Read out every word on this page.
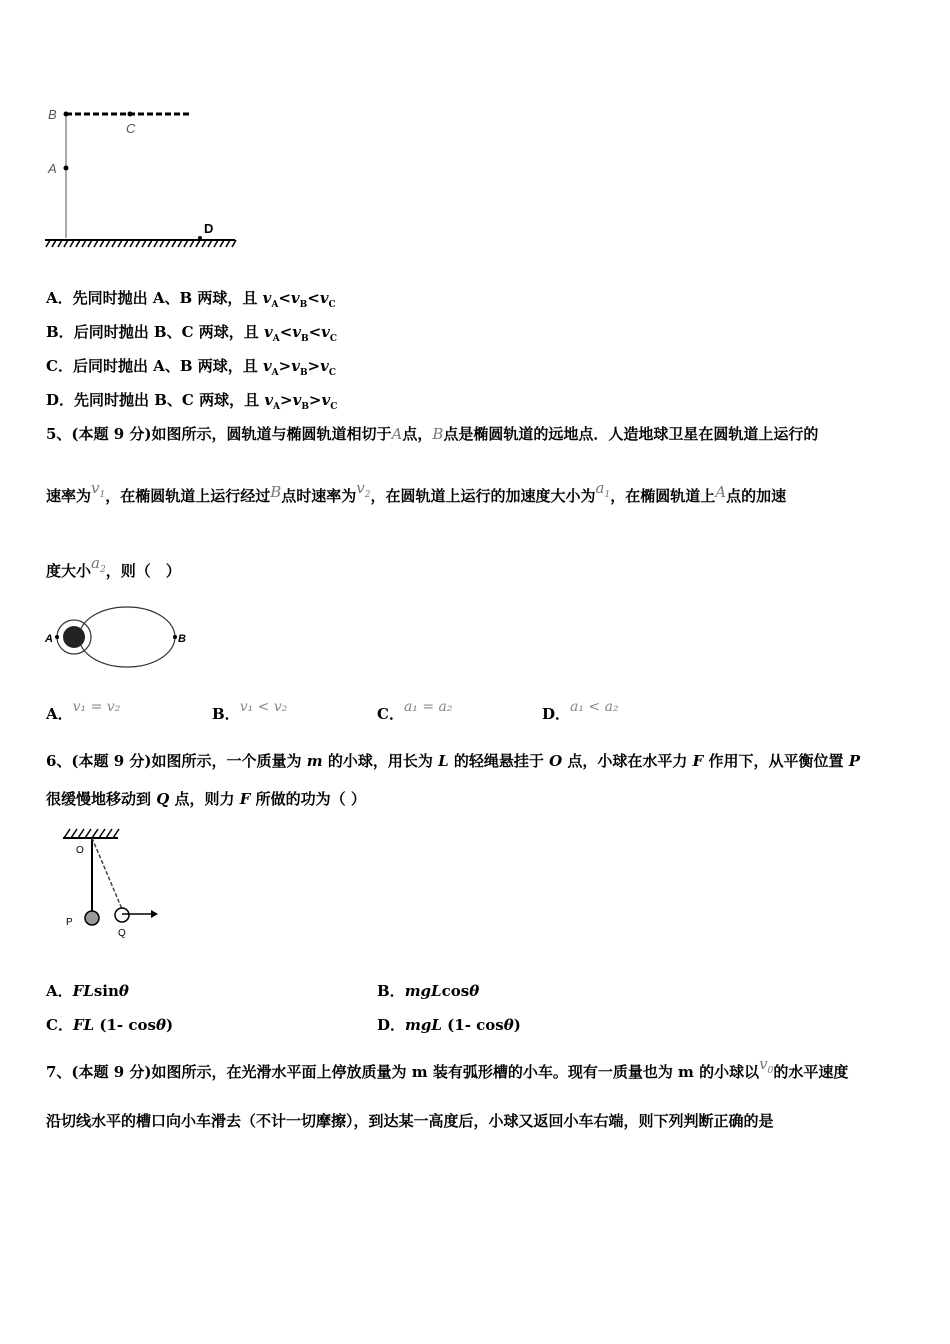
B
C
A
D
A．先同时抛出 A、B 两球，且 $v_A<v_B<v_C$
B．后同时抛出 B、C 两球，且 $v_A<v_B<v_C$
C．后同时抛出 A、B 两球，且 $v_A>v_B>v_C$
D．先同时抛出 B、C 两球，且 $v_A>v_B>v_C$
5、(本题 9 分)如图所示，圆轨道与椭圆轨道相切于A点，B点是椭圆轨道的远地点．人造地球卫星在圆轨道上运行的
速率为$v_1$，在椭圆轨道上运行经过B点时速率为$v_2$，在圆轨道上运行的加速度大小为$a_1$，在椭圆轨道上A点的加速
度大小$a_2$，则（　）
A	B
A．v₁ = v₂	B．v₁ < v₂	C．a₁ = a₂	D．a₁ < a₂
6、(本题 9 分)如图所示，一个质量为 m 的小球，用长为 L 的轻绳悬挂于 O 点，小球在水平力 F 作用下，从平衡位置 P
很缓慢地移动到 Q 点，则力 F 所做的功为（ ）
O
P
Q
A．FLsinθ	B．mgLcosθ
C．FL (1- cosθ)	D．mgL (1- cosθ)
7、(本题 9 分)如图所示，在光滑水平面上停放质量为 m 装有弧形槽的小车。现有一质量也为 m 的小球以$v_0$的水平速度
沿切线水平的槽口向小车滑去（不计一切摩擦），到达某一高度后，小球又返回小车右端，则下列判断正确的是
